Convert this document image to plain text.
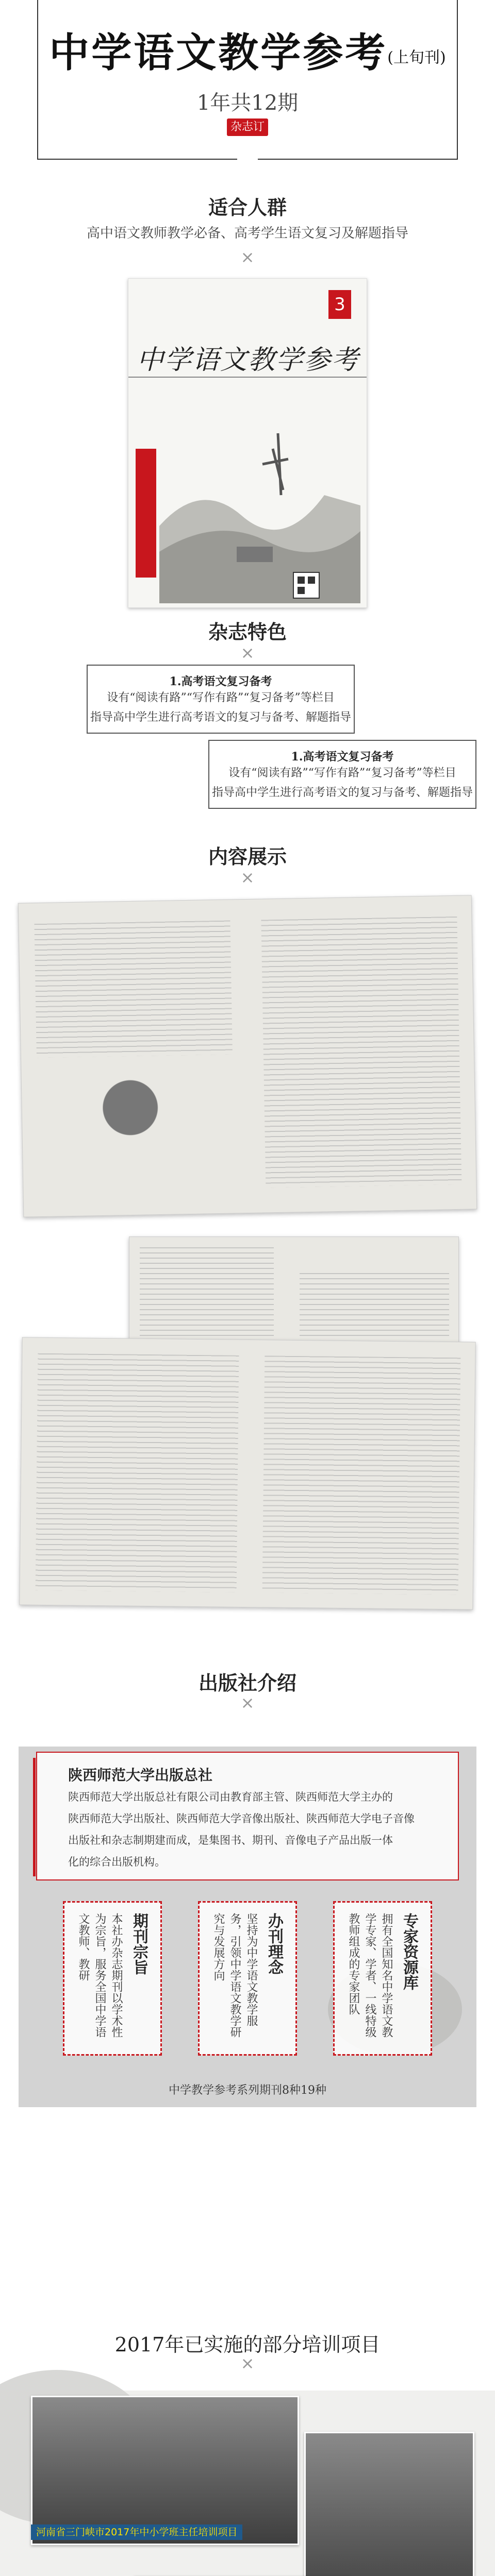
中学语文教学参考(上旬刊)
1年共12期
杂志订阅
适合人群
高中语文教师教学必备、高考学生语文复习及解题指导
×
3
中学语文教学参考
杂志特色
×
1.高考语文复习备考
设有“阅读有路”“写作有路”“复习备考”等栏目
指导高中学生进行高考语文的复习与备考、解题指导
1.高考语文复习备考
设有“阅读有路”“写作有路”“复习备考”等栏目
指导高中学生进行高考语文的复习与备考、解题指导
内容展示
×
出版社介绍
×
陕西师范大学出版总社
陕西师范大学出版总社有限公司由教育部主管、陕西师范大学主办的
陕西师范大学出版社、陕西师范大学音像出版社、陕西师范大学电子音像
出版社和杂志制期建而成，是集图书、期刊、音像电子产品出版一体
化的综合出版机构。
期刊宗旨
本社办杂志期刊以学术性为宗旨，服务全国中学语文教师、教研	办刊理念
坚持为中学语文教学服务，引领中学语文教学研究与发展方向	专家资源库
拥有全国知名中学语文教学专家、学者、一线特级教师组成的专家团队
中学教学参考系列期刊8种19种
2017年已实施的部分培训项目
×
河南省三门峡市2017年中小学班主任培训项目
